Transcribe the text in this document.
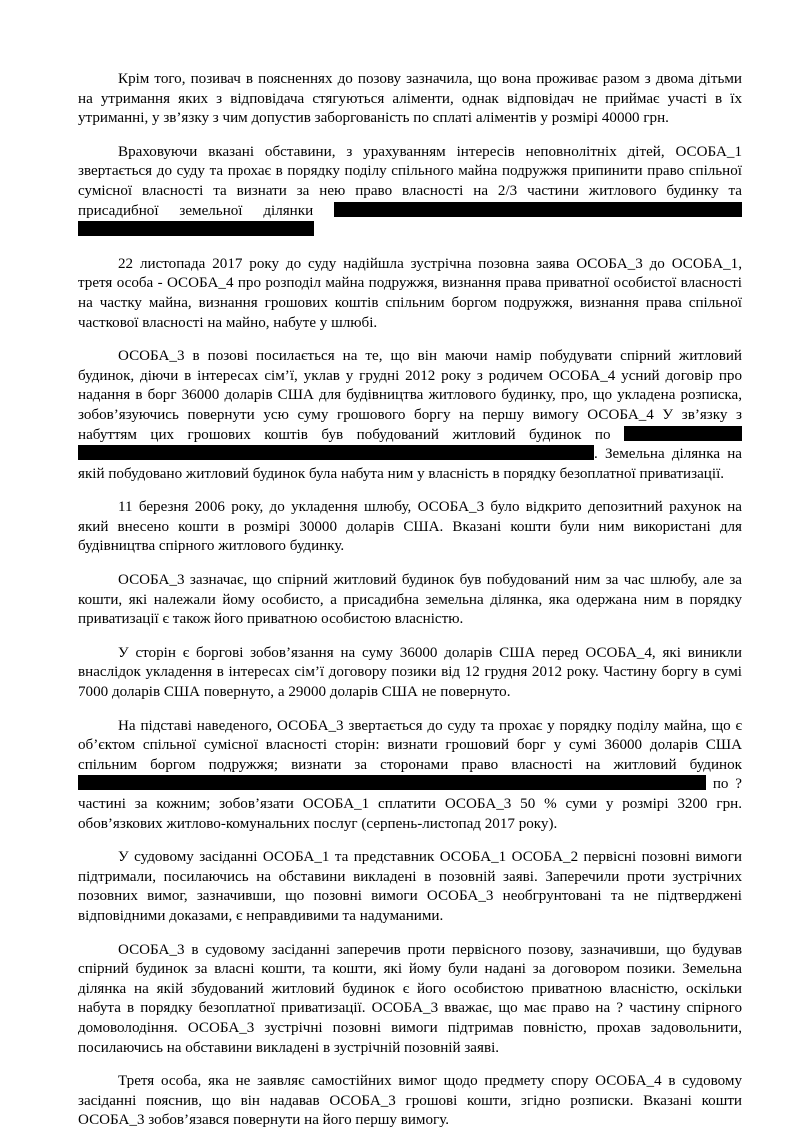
Крім того, позивач в поясненнях до позову зазначила, що вона проживає разом з двома дітьми на утримання яких з відповідача стягуються аліменти, однак відповідач не приймає участі в їх утриманні, у зв’язку з чим допустив заборгованість по сплаті аліментів у розмірі 40000 грн.

Враховуючи вказані обставини, з урахуванням інтересів неповнолітніх дітей, ОСОБА_1 звертається до суду та прохає в порядку поділу спільного майна подружжя припинити право спільної сумісної власності та визнати за нею право власності на 2/3 частини житлового будинку та присадибної земельної ділянки

22 листопада 2017 року до суду надійшла зустрічна позовна заява ОСОБА_3 до ОСОБА_1, третя особа - ОСОБА_4 про розподіл майна подружжя, визнання права приватної особистої власності на частку майна, визнання грошових коштів спільним боргом подружжя, визнання права спільної часткової власності на майно, набуте у шлюбі.

ОСОБА_3 в позові посилається на те, що він маючи намір побудувати спірний житловий будинок, діючи в інтересах сім’ї, уклав у грудні 2012 року з родичем ОСОБА_4 усний договір про надання в борг 36000 доларів США для будівництва житлового будинку, про, що укладена розписка, зобов’язуючись повернути усю суму грошового боргу на першу вимогу ОСОБА_4 У зв’язку з набуттям цих грошових коштів був побудований житловий будинок по  . Земельна ділянка на якій побудовано житловий будинок була набута ним у власність в порядку безоплатної приватизації.

11 березня 2006 року, до укладення шлюбу, ОСОБА_3 було відкрито депозитний рахунок на який внесено кошти в розмірі 30000 доларів США. Вказані кошти були ним використані для будівництва спірного житлового будинку.

ОСОБА_3 зазначає, що спірний житловий будинок був побудований ним за час шлюбу, але за кошти, які належали йому особисто, а присадибна земельна ділянка, яка одержана ним в порядку приватизації є також його приватною особистою власністю.

У сторін є боргові зобов’язання на суму 36000 доларів США перед ОСОБА_4, які виникли внаслідок укладення в інтересах сім’ї договору позики від 12 грудня 2012 року. Частину боргу в сумі 7000 доларів США повернуто, а 29000 доларів США не повернуто.

На підставі наведеного, ОСОБА_3 звертається до суду та прохає у порядку поділу майна, що є об’єктом спільної сумісної власності сторін: визнати грошовий борг у сумі 36000 доларів США спільним боргом подружжя; визнати за сторонами право власності на житловий будинок  по ? частині за кожним; зобов’язати ОСОБА_1 сплатити ОСОБА_3 50 % суми у розмірі 3200 грн. обов’язкових житлово-комунальних послуг (серпень-листопад 2017 року).

У судовому засіданні ОСОБА_1 та представник ОСОБА_1 ОСОБА_2 первісні позовні вимоги підтримали, посилаючись на обставини викладені в позовній заяві. Заперечили проти зустрічних позовних вимог, зазначивши, що позовні вимоги ОСОБА_3 необгрунтовані та не підтверджені відповідними доказами, є неправдивими та надуманими.

ОСОБА_3 в судовому засіданні заперечив проти первісного позову, зазначивши, що будував спірний будинок за власні кошти, та кошти, які йому були надані за договором позики. Земельна ділянка на якій збудований житловий будинок є його особистою приватною власністю, оскільки набута в порядку безоплатної приватизації. ОСОБА_3 вважає, що має право на ? частину спірного домоволодіння. ОСОБА_3 зустрічні позовні вимоги підтримав повністю, прохав задовольнити, посилаючись на обставини викладені в зустрічній позовній заяві.

Третя особа, яка не заявляє самостійних вимог щодо предмету спору ОСОБА_4 в судовому засіданні пояснив, що він надавав ОСОБА_3 грошові кошти, згідно розписки. Вказані кошти ОСОБА_3 зобов’язався повернути на його першу вимогу.
